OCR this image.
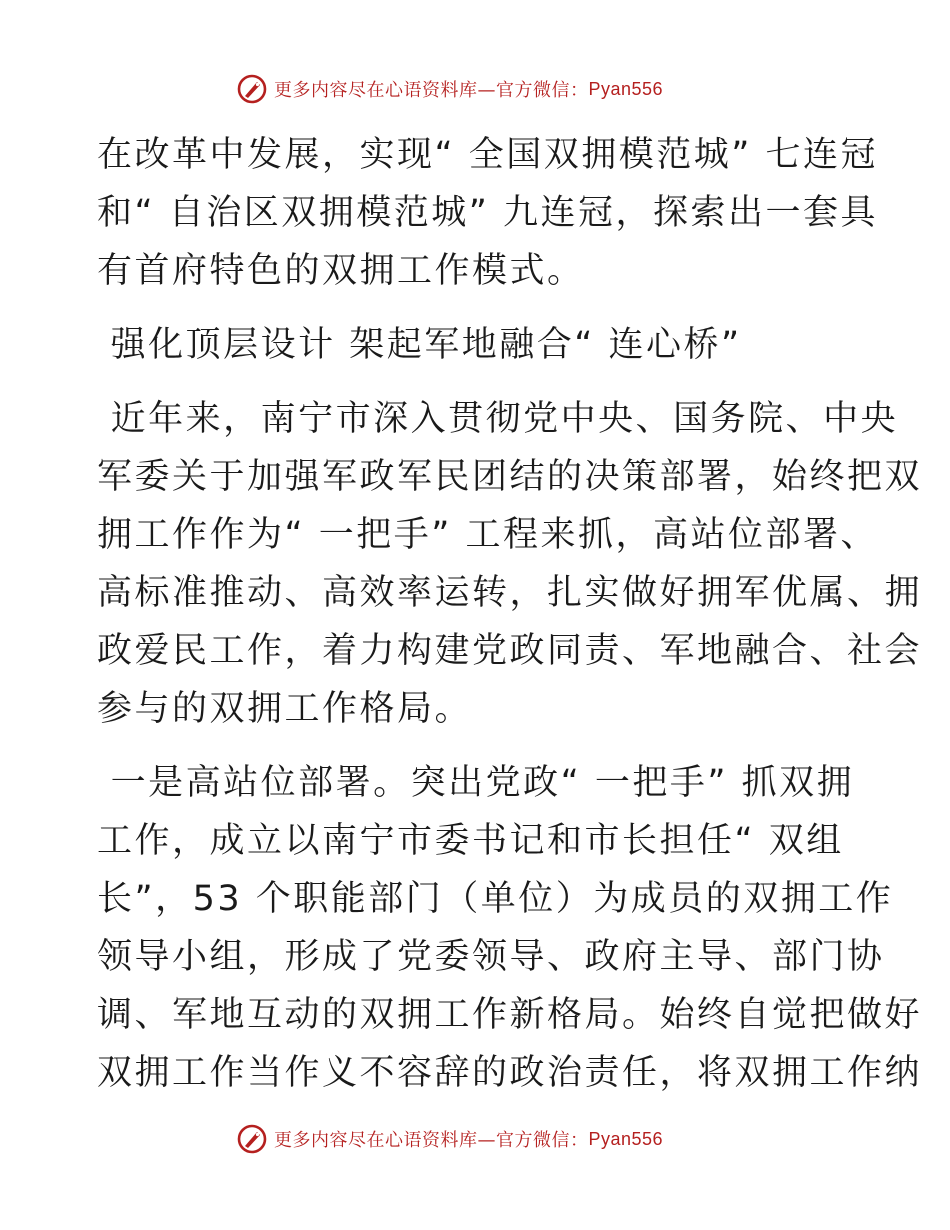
更多内容尽在心语资料库—官方微信： Pyan556

在改革中发展，实现“ 全国双拥模范城” 七连冠

和“ 自治区双拥模范城” 九连冠，探索出一套具

有首府特色的双拥工作模式。

强化顶层设计 架起军地融合“ 连心桥”

近年来，南宁市深入贯彻党中央、国务院、中央

军委关于加强军政军民团结的决策部署，始终把双

拥工作作为“ 一把手” 工程来抓，高站位部署、

高标准推动、高效率运转，扎实做好拥军优属、拥

政爱民工作，着力构建党政同责、军地融合、社会

参与的双拥工作格局。

一是高站位部署。突出党政“ 一把手” 抓双拥

工作，成立以南宁市委书记和市长担任“ 双组

长”，53 个职能部门（单位）为成员的双拥工作

领导小组，形成了党委领导、政府主导、部门协

调、军地互动的双拥工作新格局。始终自觉把做好

双拥工作当作义不容辞的政治责任，将双拥工作纳

更多内容尽在心语资料库—官方微信： Pyan556
